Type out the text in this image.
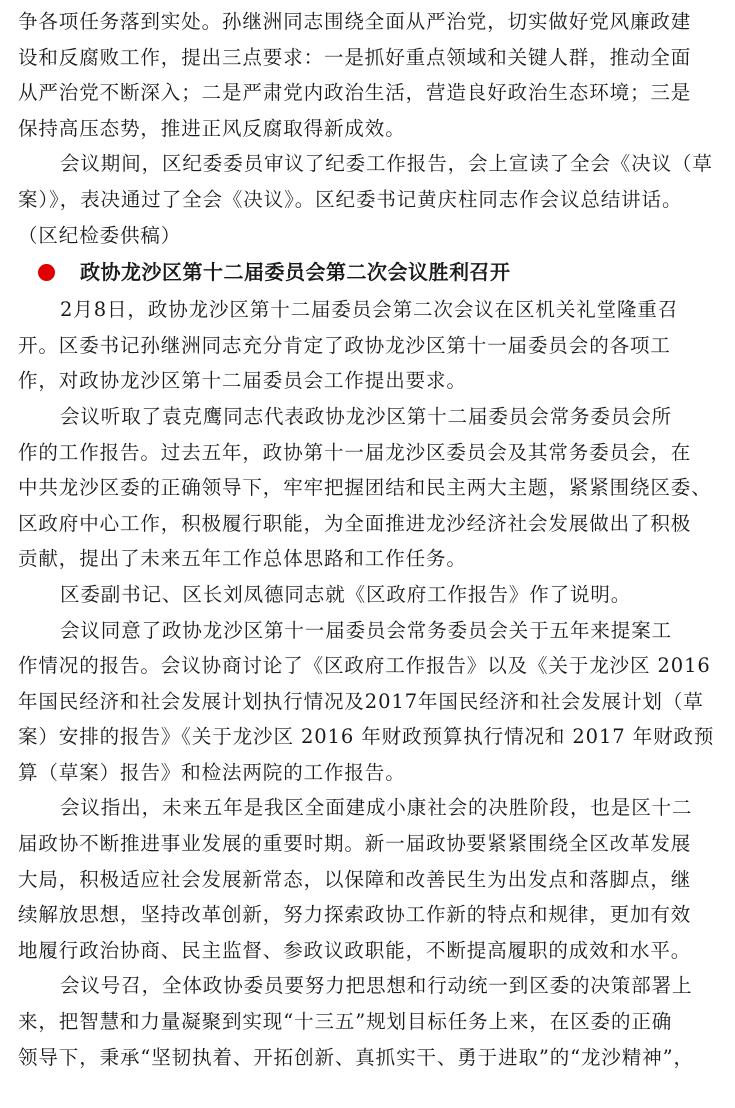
争各项任务落到实处。孙继洲同志围绕全面从严治党，切实做好党风廉政建
设和反腐败工作，提出三点要求：一是抓好重点领域和关键人群，推动全面
从严治党不断深入；二是严肃党内政治生活，营造良好政治生态环境；三是
保持高压态势，推进正风反腐取得新成效。
会议期间，区纪委委员审议了纪委工作报告，会上宣读了全会《决议（草
案）》，表决通过了全会《决议》。区纪委书记黄庆柱同志作会议总结讲话。
（区纪检委供稿）
政协龙沙区第十二届委员会第二次会议胜利召开
2月8日，政协龙沙区第十二届委员会第二次会议在区机关礼堂隆重召
开。区委书记孙继洲同志充分肯定了政协龙沙区第十一届委员会的各项工
作，对政协龙沙区第十二届委员会工作提出要求。
会议听取了袁克鹰同志代表政协龙沙区第十二届委员会常务委员会所
作的工作报告。过去五年，政协第十一届龙沙区委员会及其常务委员会，在
中共龙沙区委的正确领导下，牢牢把握团结和民主两大主题，紧紧围绕区委、
区政府中心工作，积极履行职能，为全面推进龙沙经济社会发展做出了积极
贡献，提出了未来五年工作总体思路和工作任务。
区委副书记、区长刘凤德同志就《区政府工作报告》作了说明。
会议同意了政协龙沙区第十一届委员会常务委员会关于五年来提案工
作情况的报告。会议协商讨论了《区政府工作报告》以及《关于龙沙区 2016
年国民经济和社会发展计划执行情况及2017年国民经济和社会发展计划（草
案）安排的报告》《关于龙沙区 2016 年财政预算执行情况和 2017 年财政预
算（草案）报告》和检法两院的工作报告。
会议指出，未来五年是我区全面建成小康社会的决胜阶段，也是区十二
届政协不断推进事业发展的重要时期。新一届政协要紧紧围绕全区改革发展
大局，积极适应社会发展新常态，以保障和改善民生为出发点和落脚点，继
续解放思想，坚持改革创新，努力探索政协工作新的特点和规律，更加有效
地履行政治协商、民主监督、参政议政职能，不断提高履职的成效和水平。
会议号召，全体政协委员要努力把思想和行动统一到区委的决策部署上
来，把智慧和力量凝聚到实现“十三五”规划目标任务上来，在区委的正确
领导下，秉承“坚韧执着、开拓创新、真抓实干、勇于进取”的“龙沙精神”，
